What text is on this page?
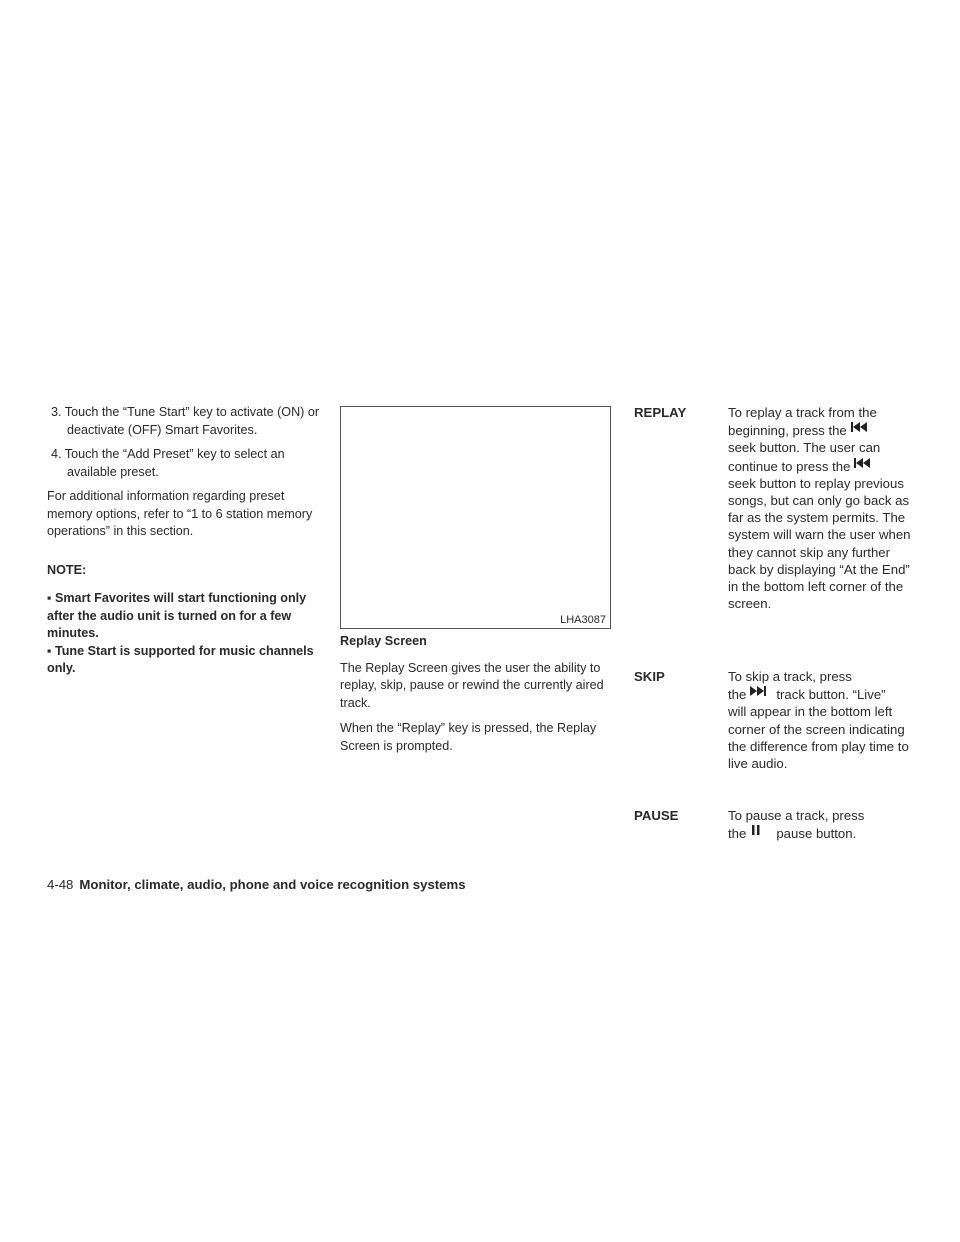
3. Touch the “Tune Start” key to activate (ON) or deactivate (OFF) Smart Favorites.
4. Touch the “Add Preset” key to select an available preset.

For additional information regarding preset memory options, refer to “1 to 6 station memory operations” in this section.

NOTE:
▪ Smart Favorites will start functioning only after the audio unit is turned on for a few minutes.
▪ Tune Start is supported for music channels only.
LHA3087
Replay Screen

The Replay Screen gives the user the ability to replay, skip, pause or rewind the currently aired track.

When the “Replay” key is pressed, the Replay Screen is prompted.

REPLAY	To replay a track from the
beginning, press the
seek button. The user can
continue to press the
seek button to replay previous songs, but can only go back as far as the system permits. The system will warn the user when they cannot skip any further back by displaying “At the End” in the bottom left corner of the screen.
SKIP	To skip a track, press
the track button. “Live”
will appear in the bottom left corner of the screen indicating the difference from play time to live audio.
PAUSE	To pause a track, press
the pause button.
4-48 Monitor, climate, audio, phone and voice recognition systems
